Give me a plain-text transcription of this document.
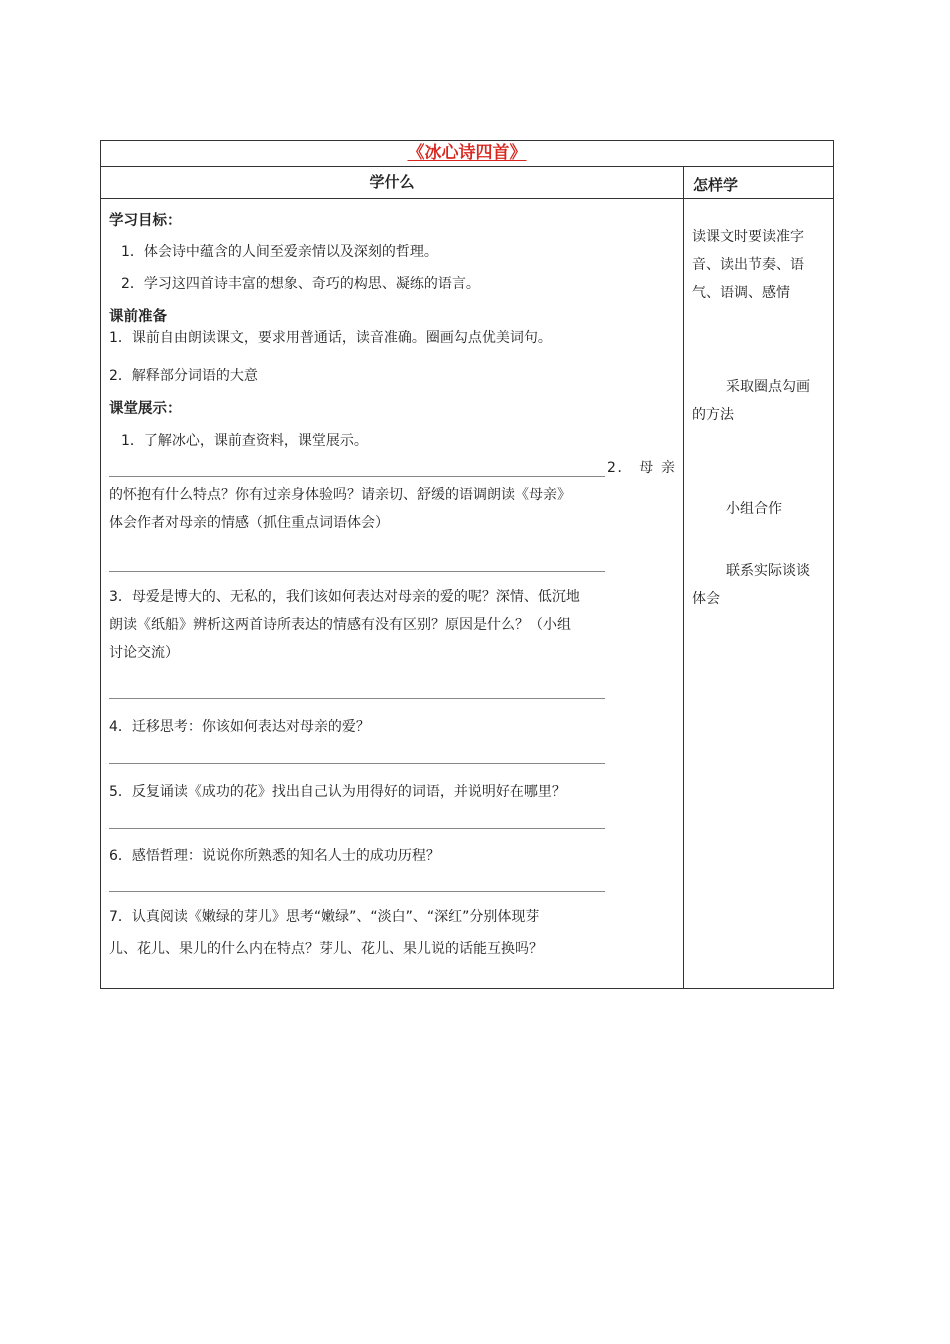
《冰心诗四首》
学什么	怎样学
学习目标：
1．体会诗中蕴含的人间至爱亲情以及深刻的哲理。
2．学习这四首诗丰富的想象、奇巧的构思、凝练的语言。
课前准备
1．课前自由朗读课文，要求用普通话，读音准确。圈画勾点优美词句。
2．解释部分词语的大意
课堂展示：
1．了解冰心，课前查资料，课堂展示。
2． 母 亲
的怀抱有什么特点？你有过亲身体验吗？请亲切、舒缓的语调朗读《母亲》
体会作者对母亲的情感（抓住重点词语体会）
3．母爱是博大的、无私的，我们该如何表达对母亲的爱的呢？深情、低沉地
朗读《纸船》辨析这两首诗所表达的情感有没有区别？原因是什么？（小组
讨论交流）
4．迁移思考：你该如何表达对母亲的爱？
5．反复诵读《成功的花》找出自己认为用得好的词语，并说明好在哪里？
6．感悟哲理：说说你所熟悉的知名人士的成功历程？
7．认真阅读《嫩绿的芽儿》思考“嫩绿”、“淡白”、“深红”分别体现芽
儿、花儿、果儿的什么内在特点？芽儿、花儿、果儿说的话能互换吗？
读课文时要读准字
音、读出节奏、语
气、语调、感情
采取圈点勾画
的方法
小组合作
联系实际谈谈
体会
